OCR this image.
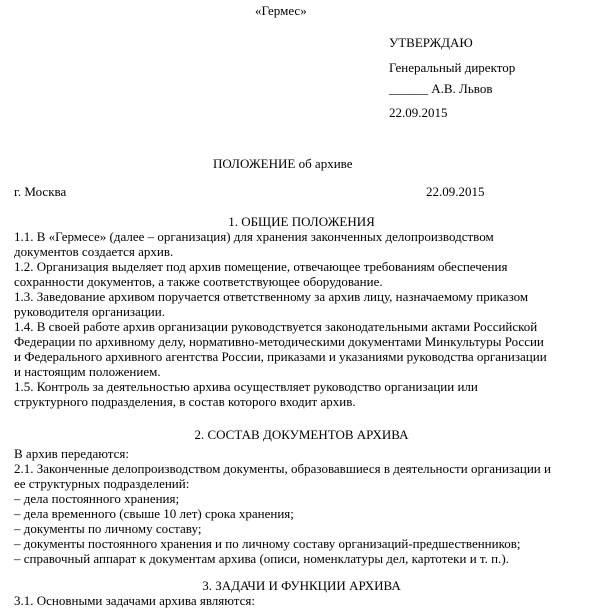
«Гермес»
УТВЕРЖДАЮ
Генеральный директор
______ А.В. Львов
22.09.2015
ПОЛОЖЕНИЕ об архиве
г. Москва	22.09.2015
1. ОБЩИЕ ПОЛОЖЕНИЯ
1.1. В «Гермесе» (далее – организация) для хранения законченных делопроизводством
документов создается архив.
1.2. Организация выделяет под архив помещение, отвечающее требованиям обеспечения
сохранности документов, а также соответствующее оборудование.
1.3. Заведование архивом поручается ответственному за архив лицу, назначаемому приказом
руководителя организации.
1.4. В своей работе архив организации руководствуется законодательными актами Российской
Федерации по архивному делу, нормативно-методическими документами Минкультуры России
и Федерального архивного агентства России, приказами и указаниями руководства организации
и настоящим положением.
1.5. Контроль за деятельностью архива осуществляет руководство организации или
структурного подразделения, в состав которого входит архив.
2. СОСТАВ ДОКУМЕНТОВ АРХИВА
В архив передаются:
2.1. Законченные делопроизводством документы, образовавшиеся в деятельности организации и
ее структурных подразделений:
– дела постоянного хранения;
– дела временного (свыше 10 лет) срока хранения;
– документы по личному составу;
– документы постоянного хранения и по личному составу организаций-предшественников;
– справочный аппарат к документам архива (описи, номенклатуры дел, картотеки и т. п.).
3. ЗАДАЧИ И ФУНКЦИИ АРХИВА
3.1. Основными задачами архива являются:
